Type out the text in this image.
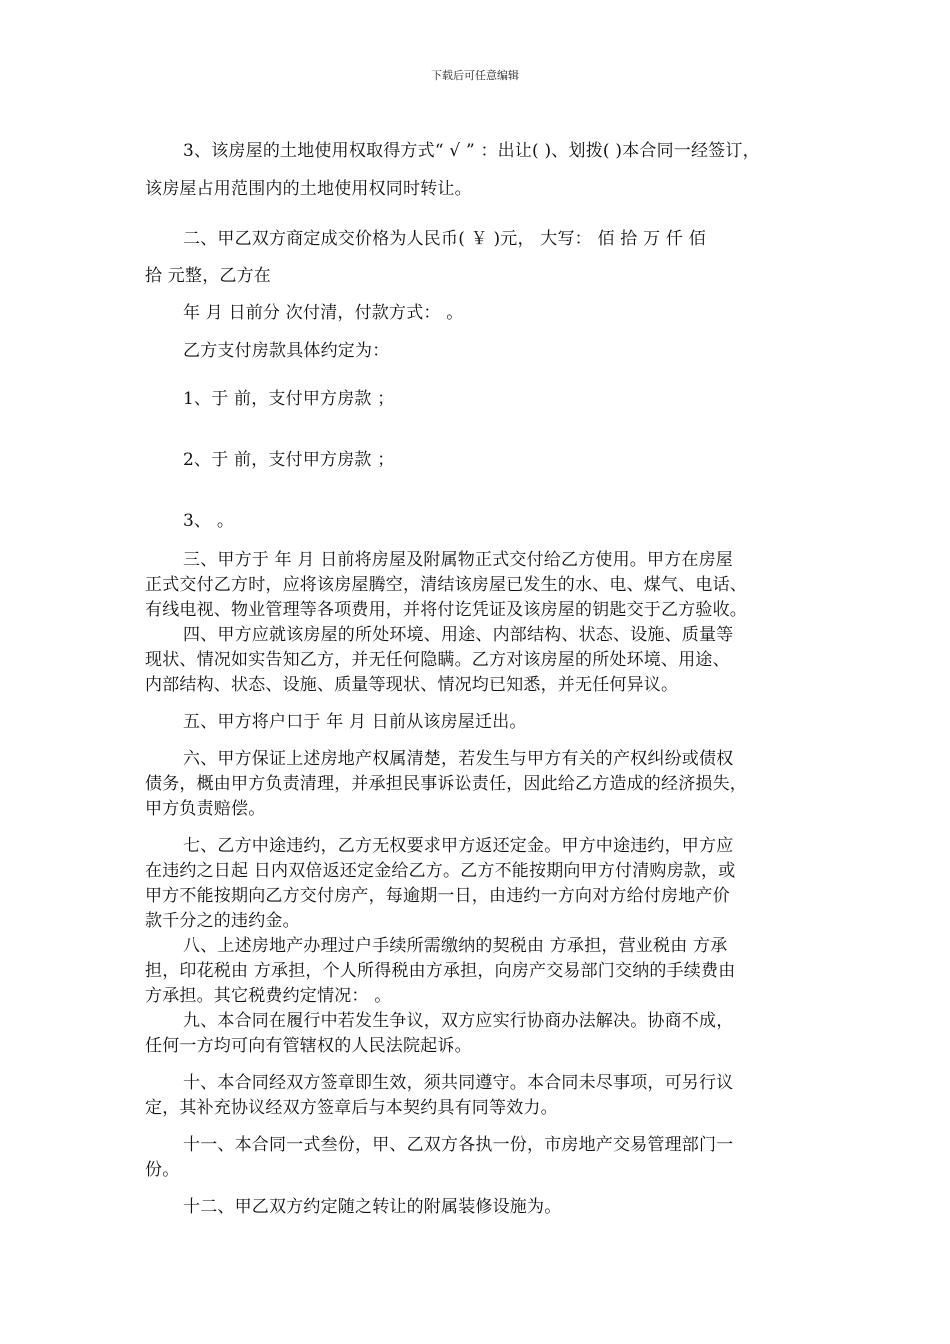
下载后可任意编辑
3、该房屋的土地使用权取得方式“ √ ” ：出让( )、划拨( )本合同一经签订，
该房屋占用范围内的土地使用权同时转让。
二、甲乙双方商定成交价格为人民币( ￥ )元， 大写： 佰 拾 万 仟 佰
拾 元整，乙方在
年 月 日前分 次付清，付款方式： 。
乙方支付房款具体约定为：
1、于 前，支付甲方房款 ；
2、于 前，支付甲方房款 ；
3、 。
三、甲方于 年 月 日前将房屋及附属物正式交付给乙方使用。甲方在房屋
正式交付乙方时，应将该房屋腾空，清结该房屋已发生的水、电、煤气、电话、
有线电视、物业管理等各项费用，并将付讫凭证及该房屋的钥匙交于乙方验收。
四、甲方应就该房屋的所处环境、用途、内部结构、状态、设施、质量等
现状、情况如实告知乙方，并无任何隐瞒。乙方对该房屋的所处环境、用途、
内部结构、状态、设施、质量等现状、情况均已知悉，并无任何异议。
五、甲方将户口于 年 月 日前从该房屋迁出。
六、甲方保证上述房地产权属清楚，若发生与甲方有关的产权纠纷或债权
债务，概由甲方负责清理，并承担民事诉讼责任，因此给乙方造成的经济损失，
甲方负责赔偿。
七、乙方中途违约，乙方无权要求甲方返还定金。甲方中途违约，甲方应
在违约之日起 日内双倍返还定金给乙方。乙方不能按期向甲方付清购房款，或
甲方不能按期向乙方交付房产，每逾期一日，由违约一方向对方给付房地产价
款千分之的违约金。
八、上述房地产办理过户手续所需缴纳的契税由 方承担，营业税由 方承
担，印花税由 方承担，个人所得税由方承担，向房产交易部门交纳的手续费由
方承担。其它税费约定情况： 。
九、本合同在履行中若发生争议，双方应实行协商办法解决。协商不成，
任何一方均可向有管辖权的人民法院起诉。
十、本合同经双方签章即生效，须共同遵守。本合同未尽事项，可另行议
定，其补充协议经双方签章后与本契约具有同等效力。
十一、本合同一式叁份，甲、乙双方各执一份，市房地产交易管理部门一
份。
十二、甲乙双方约定随之转让的附属装修设施为。
